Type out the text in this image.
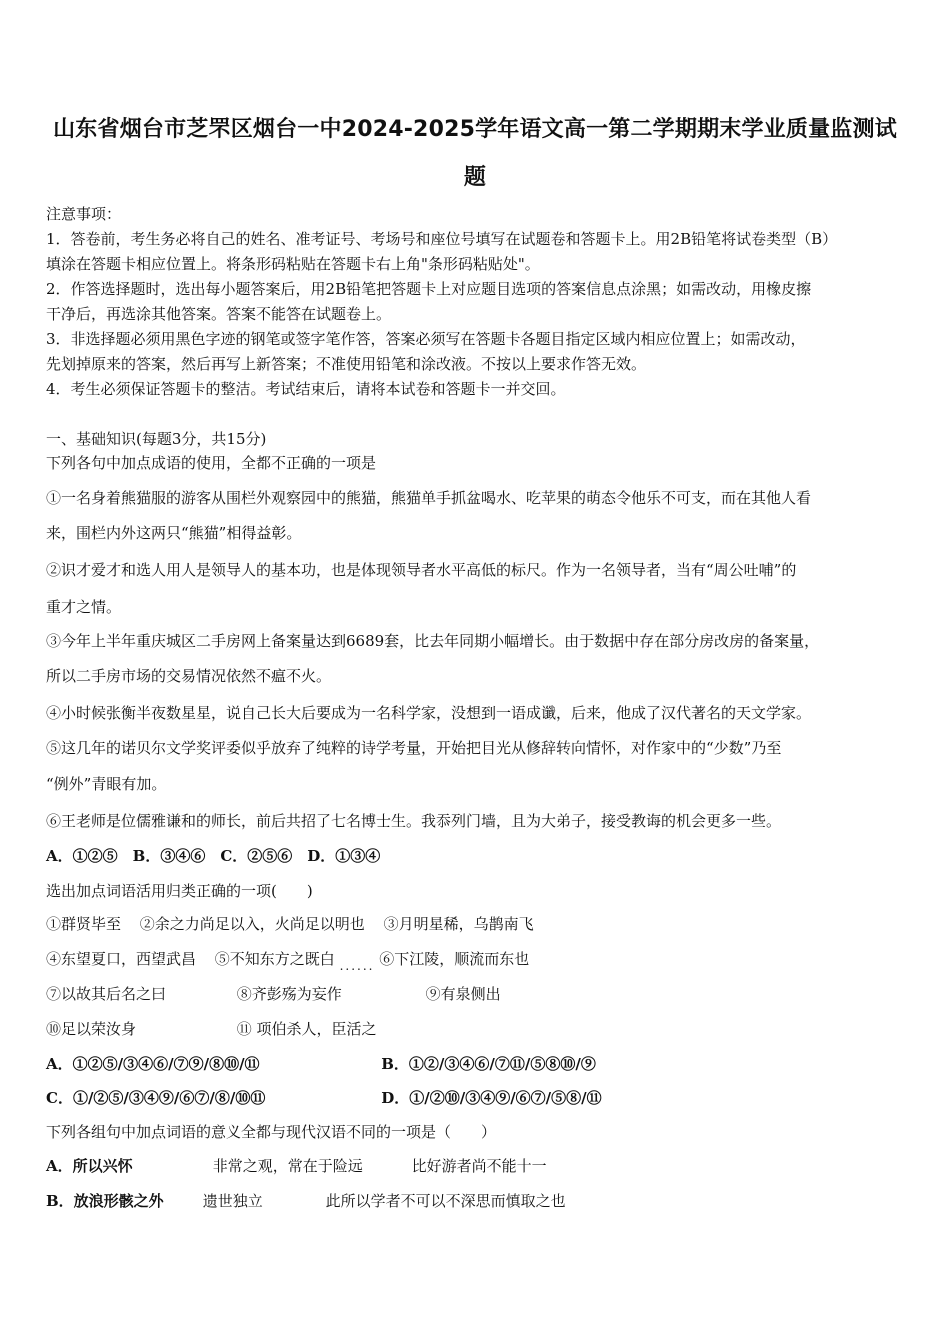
山东省烟台市芝罘区烟台一中2024-2025学年语文高一第二学期期末学业质量监测试
题
注意事项：
1．答卷前，考生务必将自己的姓名、准考证号、考场号和座位号填写在试题卷和答题卡上。用2B铅笔将试卷类型（B）
填涂在答题卡相应位置上。将条形码粘贴在答题卡右上角"条形码粘贴处"。
2．作答选择题时，选出每小题答案后，用2B铅笔把答题卡上对应题目选项的答案信息点涂黑；如需改动，用橡皮擦
干净后，再选涂其他答案。答案不能答在试题卷上。
3．非选择题必须用黑色字迹的钢笔或签字笔作答，答案必须写在答题卡各题目指定区域内相应位置上；如需改动，
先划掉原来的答案，然后再写上新答案；不准使用铅笔和涂改液。不按以上要求作答无效。
4．考生必须保证答题卡的整洁。考试结束后，请将本试卷和答题卡一并交回。
一、基础知识(每题3分，共15分)
下列各句中加点成语的使用，全都不正确的一项是
①一名身着熊猫服的游客从围栏外观察园中的熊猫，熊猫单手抓盆喝水、吃苹果的萌态令他乐不可支，而在其他人看
来，围栏内外这两只“熊猫”相得益彰。
②识才爱才和选人用人是领导人的基本功，也是体现领导者水平高低的标尺。作为一名领导者，当有“周公吐哺”的
重才之情。
③今年上半年重庆城区二手房网上备案量达到6689套，比去年同期小幅增长。由于数据中存在部分房改房的备案量，
所以二手房市场的交易情况依然不瘟不火。
④小时候张衡半夜数星星，说自己长大后要成为一名科学家，没想到一语成谶，后来，他成了汉代著名的天文学家。
⑤这几年的诺贝尔文学奖评委似乎放弃了纯粹的诗学考量，开始把目光从修辞转向情怀，对作家中的“少数”乃至
“例外”青眼有加。
⑥王老师是位儒雅谦和的师长，前后共招了七名博士生。我忝列门墙，且为大弟子，接受教诲的机会更多一些。
A．①②⑤　B．③④⑥　C．②⑤⑥　D．①③④
选出加点词语活用归类正确的一项(　　)
①群贤毕至 ②余之力尚足以入，火尚足以明也 ③月明星稀，乌鹊南飞
④东望夏口，西望武昌 ⑤不知东方之既白 $_{......}$ ⑥下江陵，顺流而东也
⑦以故其后名之曰	⑧齐彭殇为妄作	⑨有泉侧出
⑩足以荣汝身	⑪ 项伯杀人，臣活之
A．①②⑤/③④⑥/⑦⑨/⑧⑩/⑪	B．①②/③④⑥/⑦⑪/⑤⑧⑩/⑨
C．①/②⑤/③④⑨/⑥⑦/⑧/⑩⑪	D．①/②⑩/③④⑨/⑥⑦/⑤⑧/⑪
下列各组句中加点词语的意义全都与现代汉语不同的一项是（　　）
A．所以兴怀	非常之观，常在于险远	比好游者尚不能十一
B．放浪形骸之外	遗世独立	此所以学者不可以不深思而慎取之也
